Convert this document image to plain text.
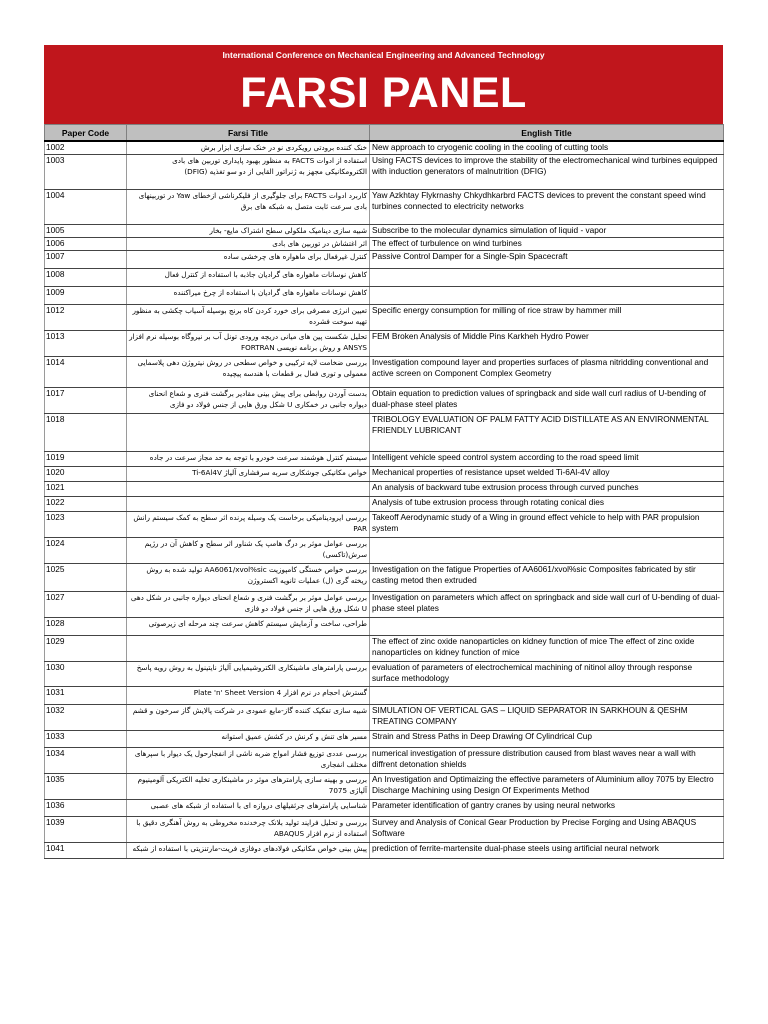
International Conference on Mechanical Engineering and Advanced Technology
FARSI PANEL
Paper Code	Farsi Title	English Title
1002	خنک کننده برودتی رویکردی نو در خنک سازی ابزار برش	New approach to cryogenic cooling in the cooling of cutting tools
1003	استفاده از ادوات FACTS به منظور بهبود پایداری توربین های بادی الکترومکانیکی مجهز به ژنراتور القایی از دو سو تغذیه (DFIG)	Using FACTS devices to improve the stability of the electromechanical wind turbines equipped with induction generators of malnutrition (DFIG)
1004	کاربرد ادوات FACTS برای جلوگیری از فلیکرناشی ازخطای Yaw در توربینهای بادی سرعت ثابت متصل به شبکه های برق	Yaw Azkhtay Flykrnashy Chkydhkarbrd FACTS devices to prevent the constant speed wind turbines connected to electricity networks
1005	شبیه سازی دینامیک ملکولی سطح اشتراک مایع- بخار	Subscribe to the molecular dynamics simulation of liquid - vapor
1006	اثر اغتشاش در توربین های بادی	The effect of turbulence on wind turbines
1007	کنترل غیرفعال برای ماهواره های چرخشی ساده	Passive Control Damper for a Single-Spin Spacecraft
1008	کاهش نوسانات ماهواره های گرادیان جاذبه با استفاده از کنترل فعال	
1009	کاهش نوسانات ماهواره های گرادیان با استفاده از چرخ میراکننده	
1012	تعیین انرژی مصرفی برای خورد کردن کاه برنج بوسیله آسیاب چکشی به منظور تهیه سوخت فشرده	Specific energy consumption for milling of rice straw by hammer mill
1013	تحلیل شکست پین های میانی دریچه ورودی تونل آب بر نیروگاه بوسیله نرم افزار ANSYS و روش برنامه نویسی FORTRAN	FEM Broken Analysis of Middle Pins Karkheh Hydro Power
1014	بررسی ضخامت لایه ترکیبی و خواص سطحی در روش نیتروژن دهی پلاسمایی معمولی و توری فعال بر قطعات با هندسه پیچیده	Investigation compound layer and properties surfaces of plasma nitridding conventional and active screen on Component Complex Geometry
1017	بدست آوردن روابطی برای پیش بینی مقادیر برگشت فنری و شعاع انحنای دیواره جانبی در خمکاری U شکل ورق هایی از جنس فولاد دو فازی	Obtain equation to prediction values of springback and side wall curl radius of U-bending of dual-phase steel plates
1018		TRIBOLOGY EVALUATION OF PALM FATTY ACID DISTILLATE AS AN ENVIRONMENTAL FRIENDLY LUBRICANT
1019	سیستم کنترل هوشمند سرعت خودرو با توجه به حد مجاز سرعت در جاده	Intelligent vehicle speed control system according to the road speed limit
1020	خواص مکانیکی جوشکاری سربه سرفشاری آلیاژ Ti-6Al4V	Mechanical properties of resistance upset welded Ti-6Al-4V alloy
1021		An analysis of backward tube extrusion process through curved punches
1022		Analysis of tube extrusion process through rotating conical dies
1023	بررسی ایرودینامیکی برخاست یک وسیله پرنده اثر سطح به کمک سیستم رانش PAR	Takeoff Aerodynamic study of a Wing in ground effect vehicle to help with PAR propulsion system
1024	بررسی عوامل موثر بر درگ هامپ یک شناور اثر سطح و کاهش آن در رژیم سرش(تاکسی)	
1025	بررسی خواص خستگی کامپوزیت AA6061/xvol%sic تولید شده به روش ریخته گری (ل) عملیات ثانویه اکستروژن	Investigation on the fatigue Properties of AA6061/xvol%sic Composites fabricated by stir casting metod then extruded
1027	بررسی عوامل موثر بر برگشت فنری و شعاع انحنای دیواره جانبی در شکل دهی U شکل ورق هایی از جنس فولاد دو فازی	Investigation on parameters which affect on springback and side wall curl of U-bending of dual-phase steel plates
1028	طراحی، ساخت و آزمایش سیستم کاهش سرعت چند مرحله ای زیرصوتی	
1029		The effect of zinc oxide nanoparticles on kidney function of mice The effect of zinc oxide nanoparticles on kidney function of mice
1030	بررسی پارامترهای ماشینکاری الکتروشیمیایی آلیاژ نایتینول به روش رویه پاسخ	evaluation of parameters of electrochemical machining of nitinol alloy through response surface methodology
1031	گسترش احجام در نرم افزار Plate 'n' Sheet Version 4	
1032	شبیه سازی تفکیک کننده گاز-مایع عمودی در شرکت پالایش گاز سرخون و قشم	SIMULATION OF VERTICAL GAS – LIQUID SEPARATOR IN SARKHOUN & QESHM TREATING COMPANY
1033	مسیر های تنش و کرنش در کشش عمیق استوانه	Strain and Stress Paths in Deep Drawing Of Cylindrical Cup
1034	بررسی عددی توزیع فشار امواج ضربه ناشی از انفجارحول یک دیوار با سپرهای مختلف انفجاری	numerical investigation of pressure distribution caused from blast waves near a wall with diffrent detonation shields
1035	بررسی و بهینه سازی پارامترهای موثر در ماشینکاری تخلیه الکتریکی آلومینیوم آلیاژی 7075	An Investigation and Optimaizing the effective parameters of Aluminium alloy 7075 by Electro Discharge Machining using Design Of Experiments Method
1036	شناسایی پارامترهای جرثقیلهای دروازه ای با استفاده از شبکه های عصبی	Parameter identification of gantry cranes by using neural networks
1039	بررسی و تحلیل فرایند تولید بلانک چرخدنده مخروطی به روش آهنگری دقیق با استفاده از نرم افزار ABAQUS	Survey and Analysis of Conical Gear Production by Precise Forging and Using ABAQUS Software
1041	پیش بینی خواص مکانیکی فولادهای دوفازی فریت-مارتنزیتی با استفاده از شبکه	prediction of ferrite-martensite dual-phase steels using artificial neural network
